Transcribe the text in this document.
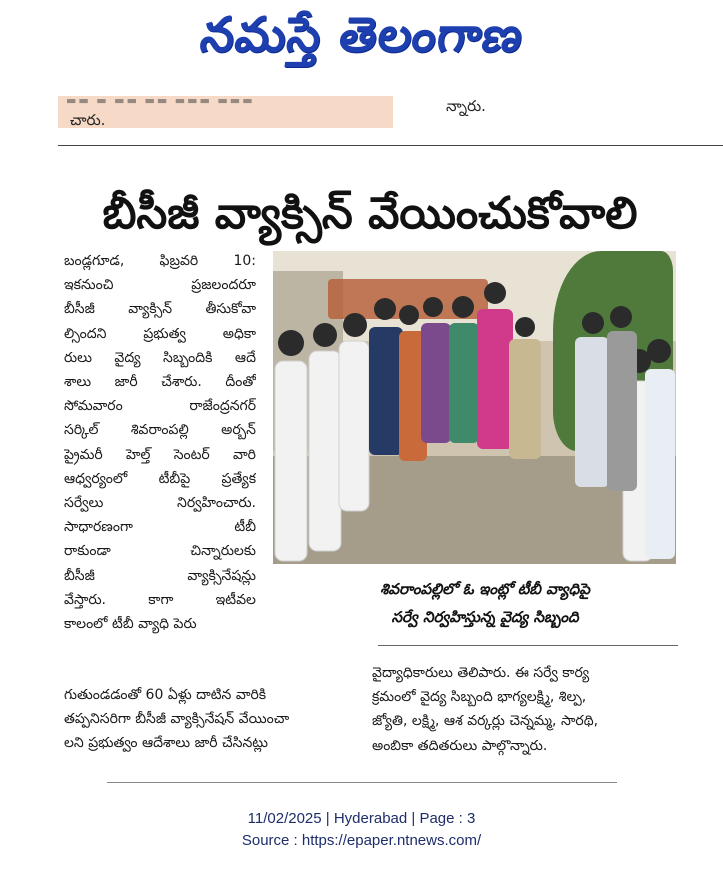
నమస్తే తెలంగాణ
▬▬ ▬ ▬▬ ▬▬ ▬▬▬ ▬▬▬
చారు.
న్నారు.
బీసీజీ వ్యాక్సిన్ వేయించుకోవాలి
బండ్లగూడ, ఫిబ్రవరి 10:
ఇకనుంచి ప్రజలందరూ
బీసీజీ వ్యాక్సిన్ తీసుకోవా
ల్సిందని ప్రభుత్వ అధికా
రులు వైద్య సిబ్బందికి ఆదే
శాలు జారీ చేశారు. దీంతో
సోమవారం రాజేంద్రనగర్
సర్కిల్ శివరాంపల్లి అర్బన్
ప్రైమరీ హెల్త్ సెంటర్ వారి
ఆధ్వర్యంలో టీబీపై ప్రత్యేక
సర్వేలు నిర్వహించారు.
సాధారణంగా టీబీ
రాకుండా చిన్నారులకు
బీసీజీ వ్యాక్సినేషన్లు
వేస్తారు. కాగా ఇటీవల
కాలంలో టీబీ వ్యాధి పెరు
శివరాంపల్లిలో ఓ ఇంట్లో టీబీ వ్యాధిపై
సర్వే నిర్వహిస్తున్న వైద్య సిబ్బంది
వైద్యాధికారులు తెలిపారు. ఈ సర్వే కార్య
క్రమంలో వైద్య సిబ్బంది భాగ్యలక్ష్మి, శిల్ప,
జ్యోతి, లక్ష్మి, ఆశ వర్కర్లు చెన్నమ్మ, సారథి,
అంబికా తదితరులు పాల్గొన్నారు.
గుతుండడంతో 60 ఏళ్లు దాటిన వారికి
తప్పనిసరిగా బీసీజీ వ్యాక్సినేషన్ వేయించా
లని ప్రభుత్వం ఆదేశాలు జారీ చేసినట్లు
11/02/2025 | Hyderabad | Page : 3
Source : https://epaper.ntnews.com/
